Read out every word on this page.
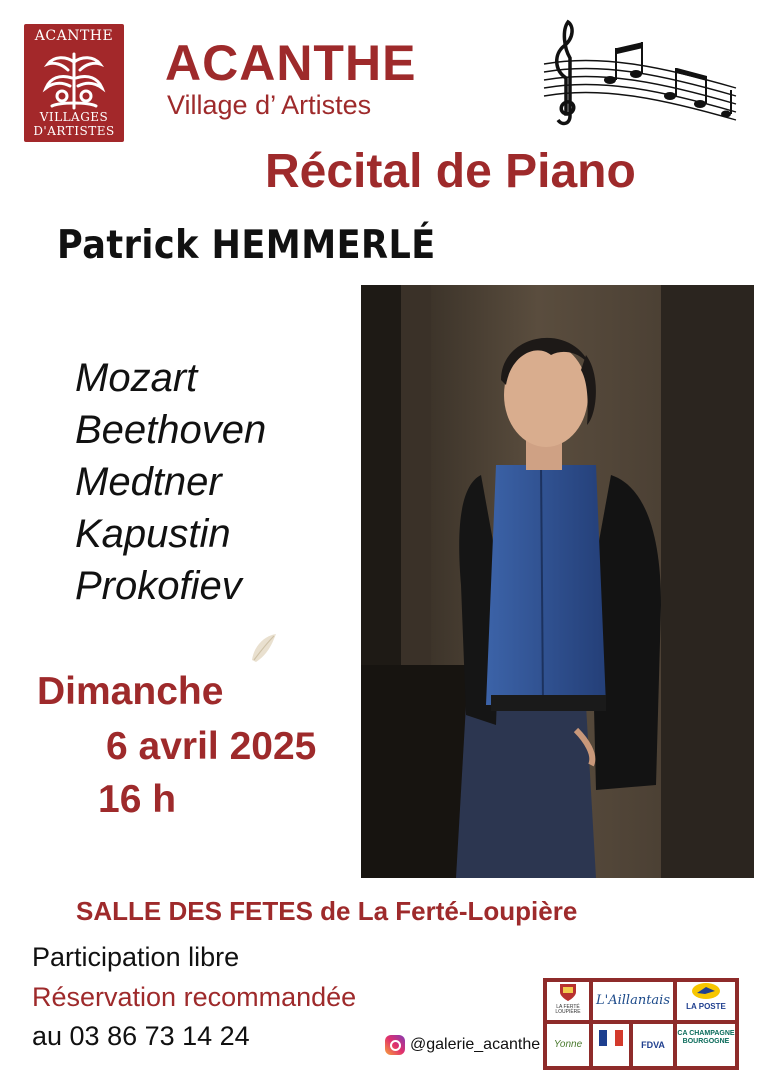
ACANTHE
VILLAGES
D'ARTISTES
ACANTHE
Village d’ Artistes
Récital de Piano
Patrick HEMMERLÉ
Mozart
Beethoven
Medtner
Kapustin
Prokofiev
Dimanche
6 avril 2025
16 h
SALLE DES FETES de La Ferté-Loupière
Participation libre
Réservation recommandée
au 03 86 73 14 24	@galerie_acanthe
LA FERTÉ LOUPIÈRE
L'Aillantais	LA POSTE
Yonne	FDVA
CA CHAMPAGNE BOURGOGNE
